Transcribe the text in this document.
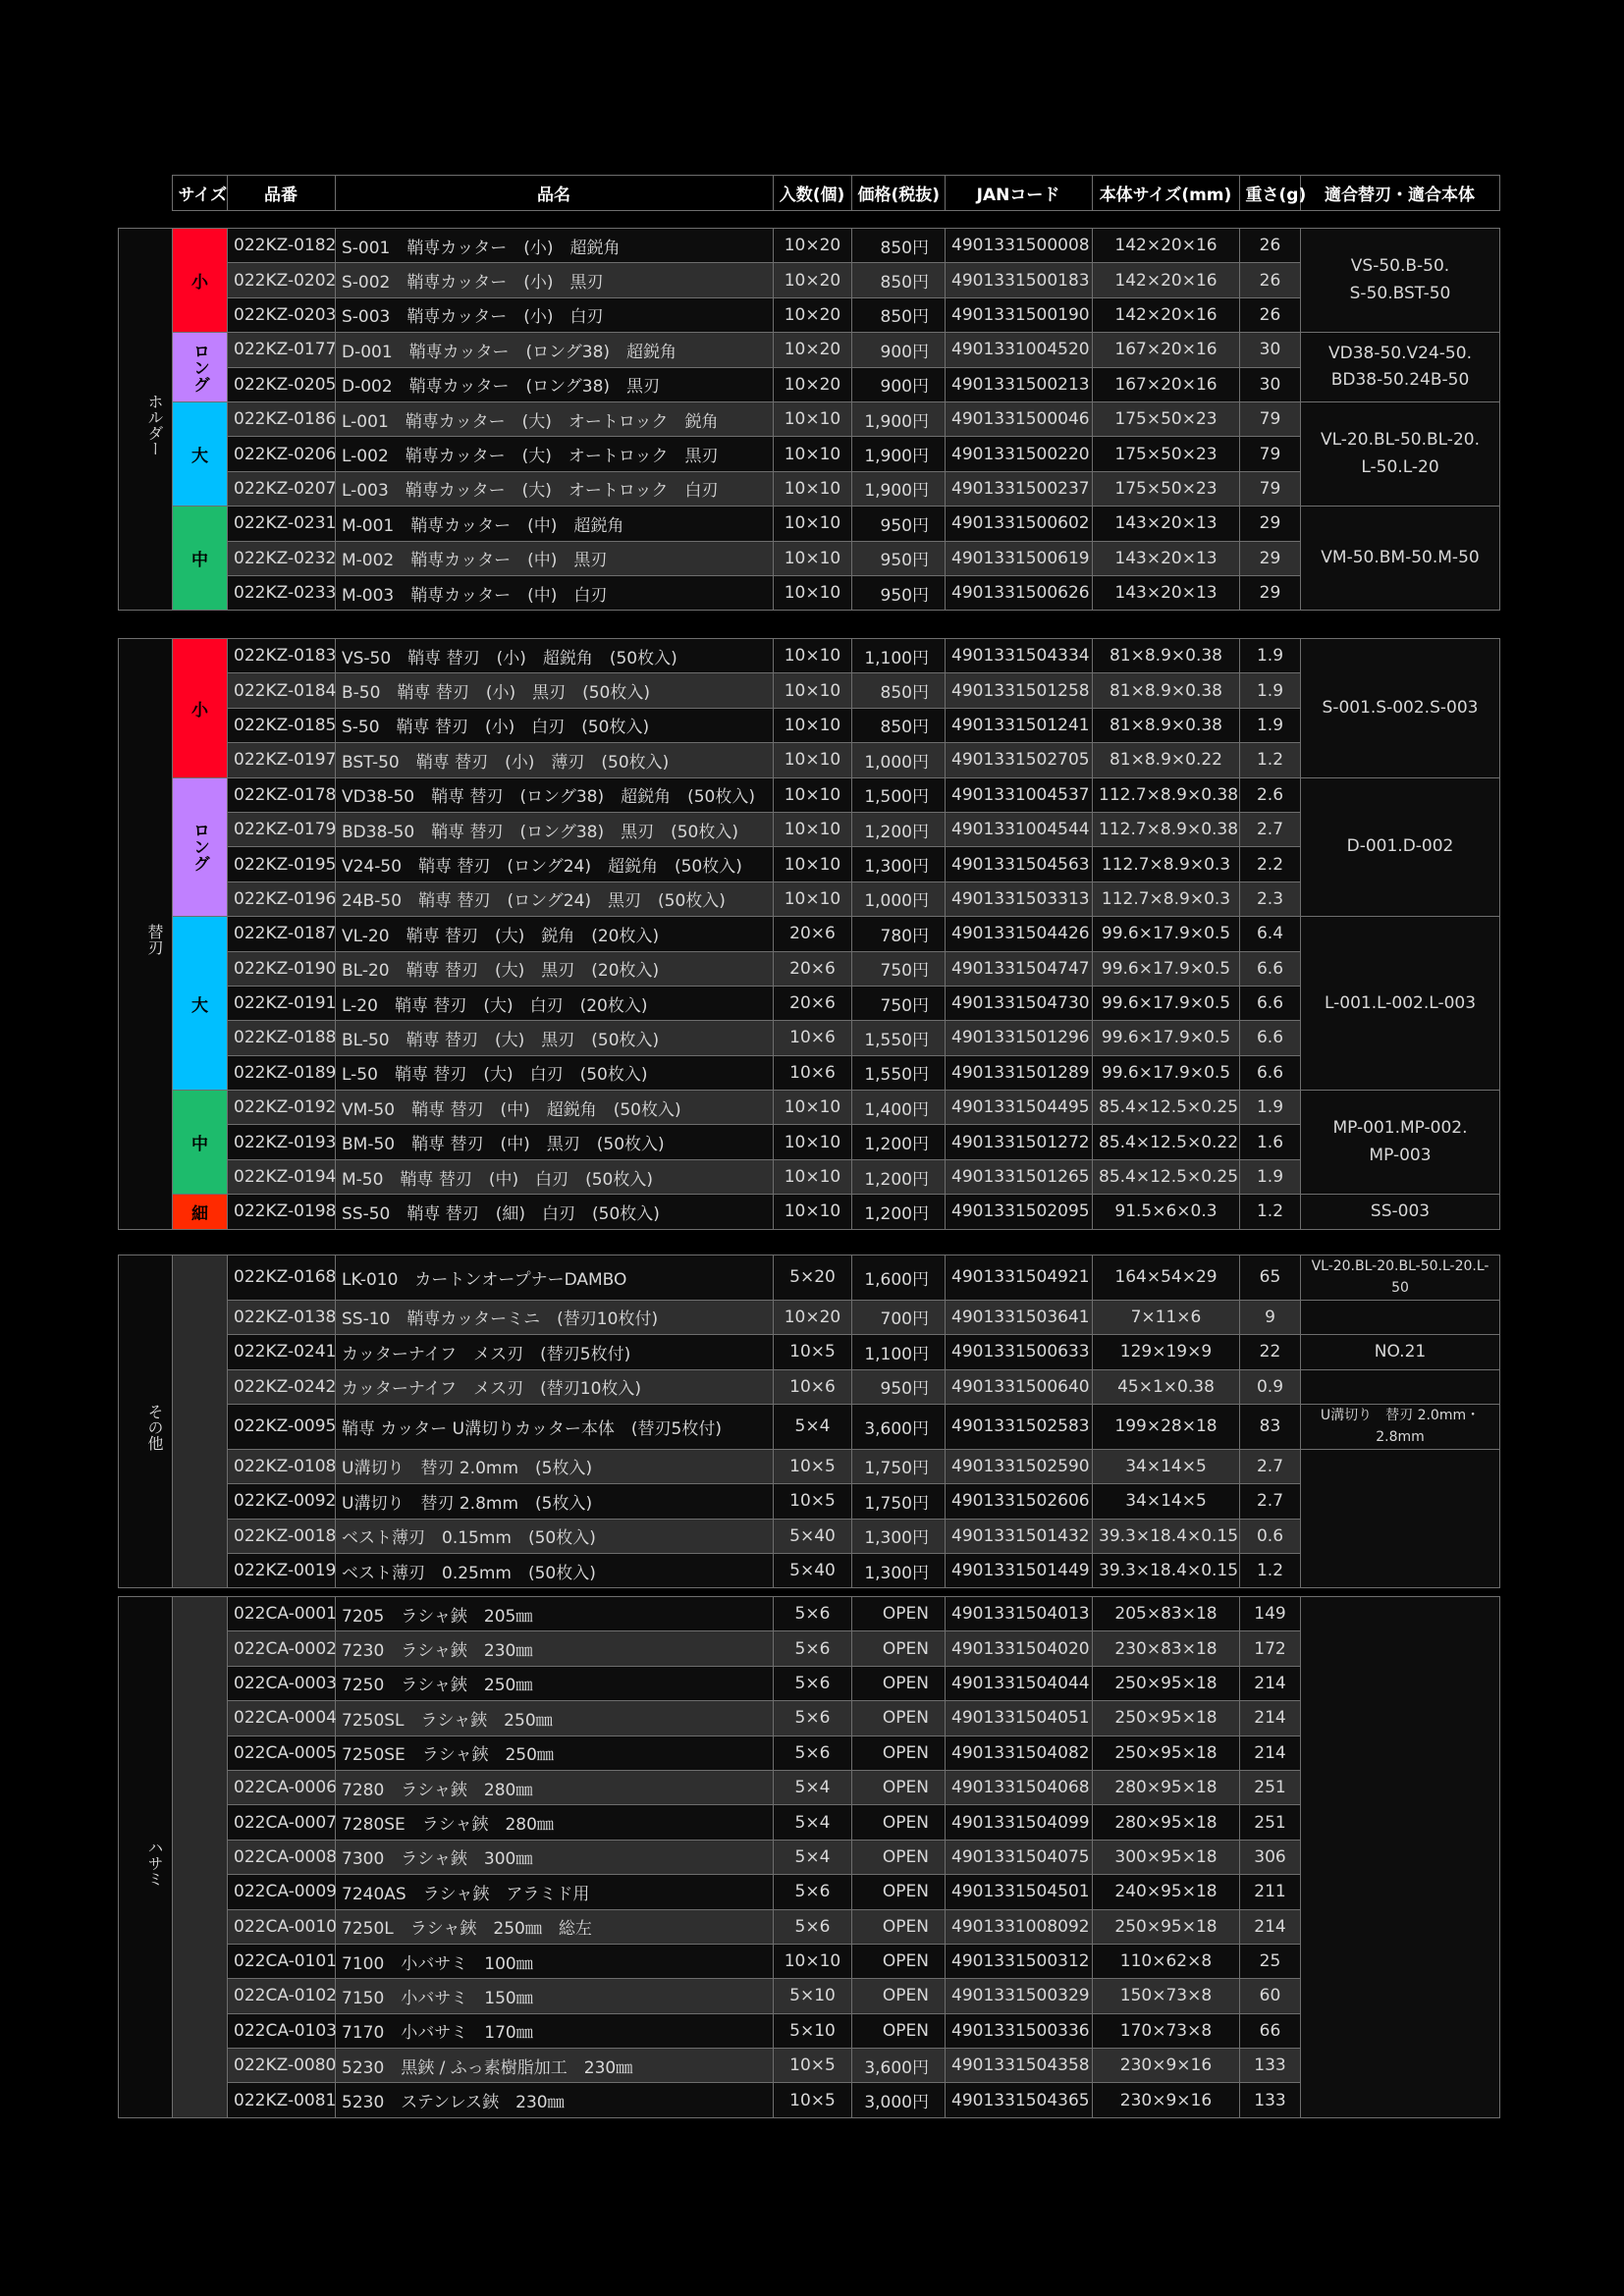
	サイズ	品番	品名	入数(個)	価格(税抜)	JANコード	本体サイズ(mm)	重さ(g)	適合替刃・適合本体
ホルダー	小	022KZ-0182	S-001　鞘専カッター　(小)　超鋭角	10×20	850円	4901331500008	142×20×16	26	VS-50.B-50.
S-50.BST-50

		022KZ-0202	S-002　鞘専カッター　(小)　黒刃	10×20	850円	4901331500183	142×20×16	26	
		022KZ-0203	S-003　鞘専カッター　(小)　白刃	10×20	850円	4901331500190	142×20×16	26	
	ロング	022KZ-0177	D-001　鞘専カッター　(ロング38)　超鋭角	10×20	900円	4901331004520	167×20×16	30	VD38-50.V24-50.
BD38-50.24B-50

		022KZ-0205	D-002　鞘専カッター　(ロング38)　黒刃	10×20	900円	4901331500213	167×20×16	30	
	大	022KZ-0186	L-001　鞘専カッター　(大)　オートロック　鋭角	10×10	1,900円	4901331500046	175×50×23	79	VL-20.BL-50.BL-20.
L-50.L-20

		022KZ-0206	L-002　鞘専カッター　(大)　オートロック　黒刃	10×10	1,900円	4901331500220	175×50×23	79	
		022KZ-0207	L-003　鞘専カッター　(大)　オートロック　白刃	10×10	1,900円	4901331500237	175×50×23	79	
	中	022KZ-0231	M-001　鞘専カッター　(中)　超鋭角	10×10	950円	4901331500602	143×20×13	29	VM-50.BM-50.M-50

		022KZ-0232	M-002　鞘専カッター　(中)　黒刃	10×10	950円	4901331500619	143×20×13	29	
		022KZ-0233	M-003　鞘専カッター　(中)　白刃	10×10	950円	4901331500626	143×20×13	29	
替刃	小	022KZ-0183	VS-50　鞘専 替刃　(小)　超鋭角　(50枚入)	10×10	1,100円	4901331504334	81×8.9×0.38	1.9	S-001.S-002.S-003

		022KZ-0184	B-50　鞘専 替刃　(小)　黒刃　(50枚入)	10×10	850円	4901331501258	81×8.9×0.38	1.9	
		022KZ-0185	S-50　鞘専 替刃　(小)　白刃　(50枚入)	10×10	850円	4901331501241	81×8.9×0.38	1.9	
		022KZ-0197	BST-50　鞘専 替刃　(小)　薄刃　(50枚入)	10×10	1,000円	4901331502705	81×8.9×0.22	1.2	
	ロング	022KZ-0178	VD38-50　鞘専 替刃　(ロング38)　超鋭角　(50枚入)	10×10	1,500円	4901331004537	112.7×8.9×0.38	2.6	D-001.D-002

		022KZ-0179	BD38-50　鞘専 替刃　(ロング38)　黒刃　(50枚入)	10×10	1,200円	4901331004544	112.7×8.9×0.38	2.7	
		022KZ-0195	V24-50　鞘専 替刃　(ロング24)　超鋭角　(50枚入)	10×10	1,300円	4901331504563	112.7×8.9×0.3	2.2	
		022KZ-0196	24B-50　鞘専 替刃　(ロング24)　黒刃　(50枚入)	10×10	1,000円	4901331503313	112.7×8.9×0.3	2.3	
	大	022KZ-0187	VL-20　鞘専 替刃　(大)　鋭角　(20枚入)	20×6	780円	4901331504426	99.6×17.9×0.5	6.4	L-001.L-002.L-003

		022KZ-0190	BL-20　鞘専 替刃　(大)　黒刃　(20枚入)	20×6	750円	4901331504747	99.6×17.9×0.5	6.6	
		022KZ-0191	L-20　鞘専 替刃　(大)　白刃　(20枚入)	20×6	750円	4901331504730	99.6×17.9×0.5	6.6	
		022KZ-0188	BL-50　鞘専 替刃　(大)　黒刃　(50枚入)	10×6	1,550円	4901331501296	99.6×17.9×0.5	6.6	
		022KZ-0189	L-50　鞘専 替刃　(大)　白刃　(50枚入)	10×6	1,550円	4901331501289	99.6×17.9×0.5	6.6	
	中	022KZ-0192	VM-50　鞘専 替刃　(中)　超鋭角　(50枚入)	10×10	1,400円	4901331504495	85.4×12.5×0.25	1.9	MP-001.MP-002.
MP-003

		022KZ-0193	BM-50　鞘専 替刃　(中)　黒刃　(50枚入)	10×10	1,200円	4901331501272	85.4×12.5×0.22	1.6	
		022KZ-0194	M-50　鞘専 替刃　(中)　白刃　(50枚入)	10×10	1,200円	4901331501265	85.4×12.5×0.25	1.9	
	細	022KZ-0198	SS-50　鞘専 替刃　(細)　白刃　(50枚入)	10×10	1,200円	4901331502095	91.5×6×0.3	1.2	SS-003
その他		022KZ-0168	LK-010　カートンオープナーDAMBO	5×20	1,600円	4901331504921	164×54×29	65	VL-20.BL-20.BL-50.L-20.L-50

		022KZ-0138	SS-10　鞘専カッターミニ　(替刃10枚付)	10×20	700円	4901331503641	7×11×6	9	
		022KZ-0241	カッターナイフ　メス刃　(替刃5枚付)	10×5	1,100円	4901331500633	129×19×9	22	NO.21

		022KZ-0242	カッターナイフ　メス刃　(替刃10枚入)	10×6	950円	4901331500640	45×1×0.38	0.9	
		022KZ-0095	鞘専 カッター U溝切りカッター本体　(替刃5枚付)	5×4	3,600円	4901331502583	199×28×18	83	U溝切り　替刃 2.0mm・2.8mm

		022KZ-0108	U溝切り　替刃 2.0mm　(5枚入)	10×5	1,750円	4901331502590	34×14×5	2.7	
		022KZ-0092	U溝切り　替刃 2.8mm　(5枚入)	10×5	1,750円	4901331502606	34×14×5	2.7	
		022KZ-0018	ベスト薄刃　0.15mm　(50枚入)	5×40	1,300円	4901331501432	39.3×18.4×0.15	0.6	
		022KZ-0019	ベスト薄刃　0.25mm　(50枚入)	5×40	1,300円	4901331501449	39.3×18.4×0.15	1.2	
ハサミ		022CA-0001	7205　ラシャ鋏　205㎜	5×6	OPEN	4901331504013	205×83×18	149	
		022CA-0002	7230　ラシャ鋏　230㎜	5×6	OPEN	4901331504020	230×83×18	172	
		022CA-0003	7250　ラシャ鋏　250㎜	5×6	OPEN	4901331504044	250×95×18	214	
		022CA-0004	7250SL　ラシャ鋏　250㎜	5×6	OPEN	4901331504051	250×95×18	214	
		022CA-0005	7250SE　ラシャ鋏　250㎜	5×6	OPEN	4901331504082	250×95×18	214	
		022CA-0006	7280　ラシャ鋏　280㎜	5×4	OPEN	4901331504068	280×95×18	251	
		022CA-0007	7280SE　ラシャ鋏　280㎜	5×4	OPEN	4901331504099	280×95×18	251	
		022CA-0008	7300　ラシャ鋏　300㎜	5×4	OPEN	4901331504075	300×95×18	306	
		022CA-0009	7240AS　ラシャ鋏　アラミド用	5×6	OPEN	4901331504501	240×95×18	211	
		022CA-0010	7250L　ラシャ鋏　250㎜　総左	5×6	OPEN	4901331008092	250×95×18	214	
		022CA-0101	7100　小バサミ　100㎜	10×10	OPEN	4901331500312	110×62×8	25	
		022CA-0102	7150　小バサミ　150㎜	5×10	OPEN	4901331500329	150×73×8	60	
		022CA-0103	7170　小バサミ　170㎜	5×10	OPEN	4901331500336	170×73×8	66	
		022KZ-0080	5230　黒鋏 / ふっ素樹脂加工　230㎜	10×5	3,600円	4901331504358	230×9×16	133	
		022KZ-0081	5230　ステンレス鋏　230㎜	10×5	3,000円	4901331504365	230×9×16	133	
